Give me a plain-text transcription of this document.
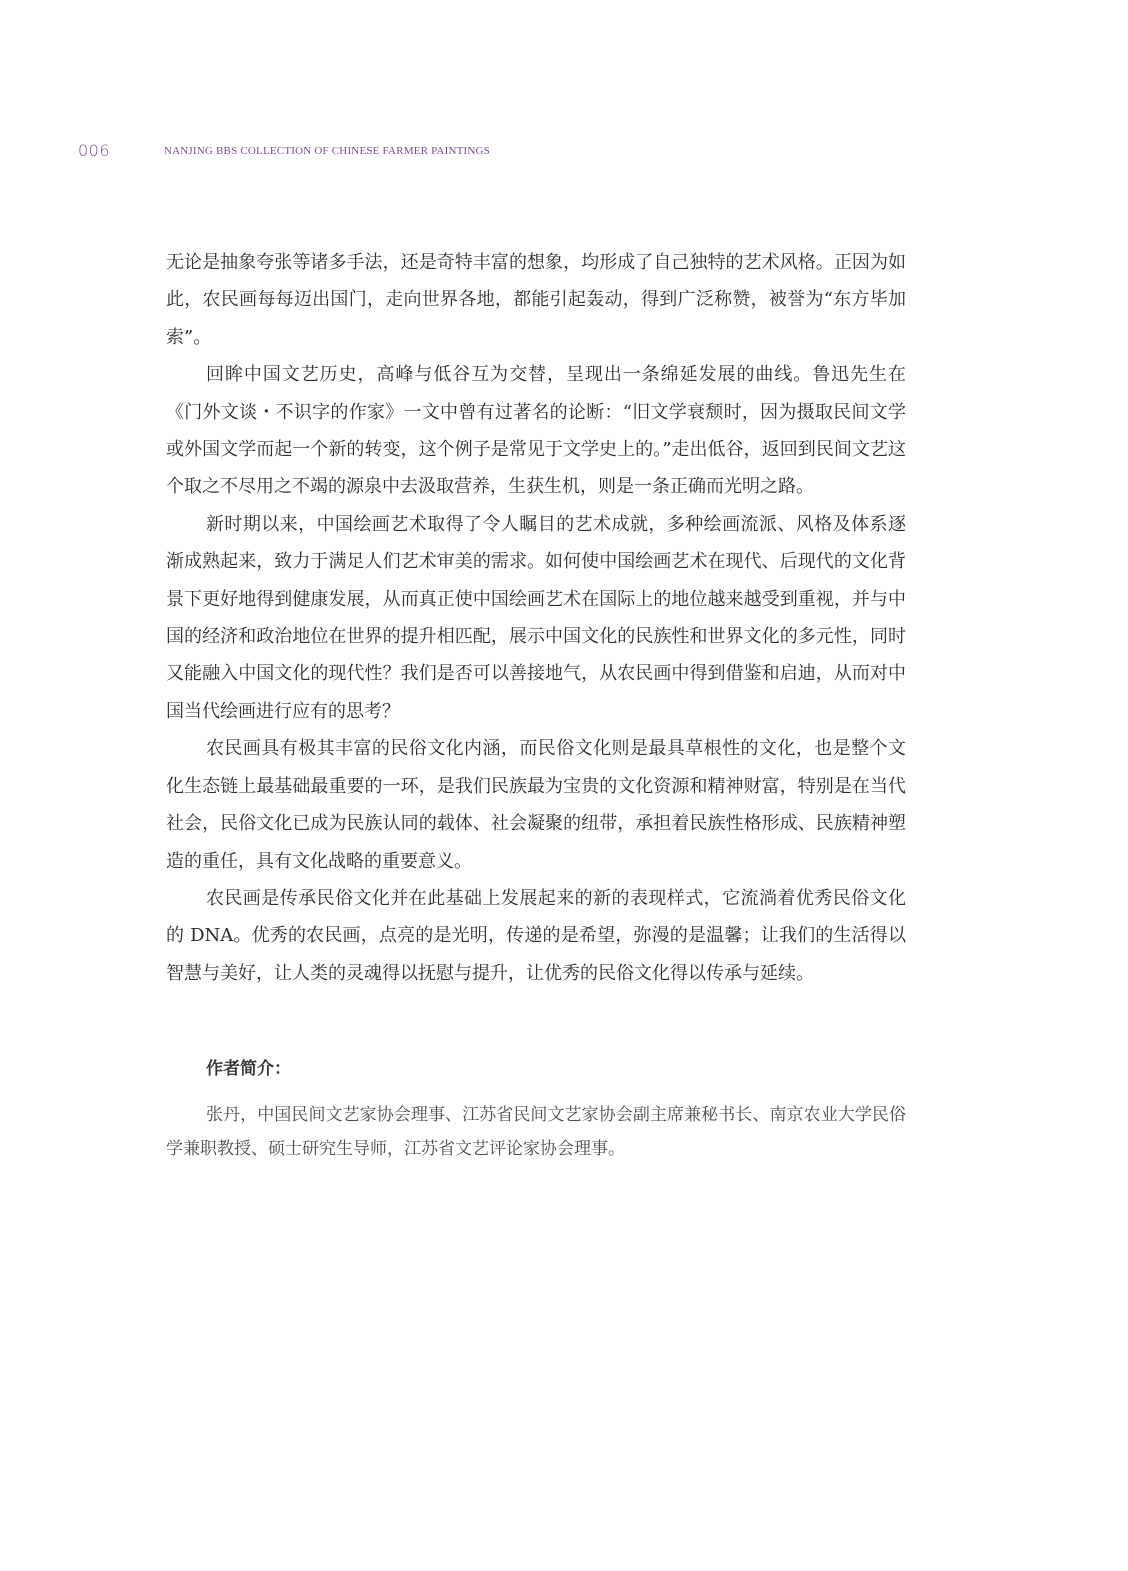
006	NANJING BBS COLLECTION OF CHINESE FARMER PAINTINGS

无论是抽象夸张等诸多手法，还是奇特丰富的想象，均形成了自己独特的艺术风格。正因为如此，农民画每每迈出国门，走向世界各地，都能引起轰动，得到广泛称赞，被誉为“东方毕加索”。

回眸中国文艺历史，高峰与低谷互为交替，呈现出一条绵延发展的曲线。鲁迅先生在《门外文谈・不识字的作家》一文中曾有过著名的论断：“旧文学衰颓时，因为摄取民间文学或外国文学而起一个新的转变，这个例子是常见于文学史上的。”走出低谷，返回到民间文艺这个取之不尽用之不竭的源泉中去汲取营养，生获生机，则是一条正确而光明之路。

新时期以来，中国绘画艺术取得了令人瞩目的艺术成就，多种绘画流派、风格及体系逐渐成熟起来，致力于满足人们艺术审美的需求。如何使中国绘画艺术在现代、后现代的文化背景下更好地得到健康发展，从而真正使中国绘画艺术在国际上的地位越来越受到重视，并与中国的经济和政治地位在世界的提升相匹配，展示中国文化的民族性和世界文化的多元性，同时又能融入中国文化的现代性？我们是否可以善接地气，从农民画中得到借鉴和启迪，从而对中国当代绘画进行应有的思考？

农民画具有极其丰富的民俗文化内涵，而民俗文化则是最具草根性的文化，也是整个文化生态链上最基础最重要的一环，是我们民族最为宝贵的文化资源和精神财富，特别是在当代社会，民俗文化已成为民族认同的载体、社会凝聚的纽带，承担着民族性格形成、民族精神塑造的重任，具有文化战略的重要意义。

农民画是传承民俗文化并在此基础上发展起来的新的表现样式，它流淌着优秀民俗文化的 DNA。优秀的农民画，点亮的是光明，传递的是希望，弥漫的是温馨；让我们的生活得以智慧与美好，让人类的灵魂得以抚慰与提升，让优秀的民俗文化得以传承与延续。

作者简介：

张丹，中国民间文艺家协会理事、江苏省民间文艺家协会副主席兼秘书长、南京农业大学民俗学兼职教授、硕士研究生导师，江苏省文艺评论家协会理事。
